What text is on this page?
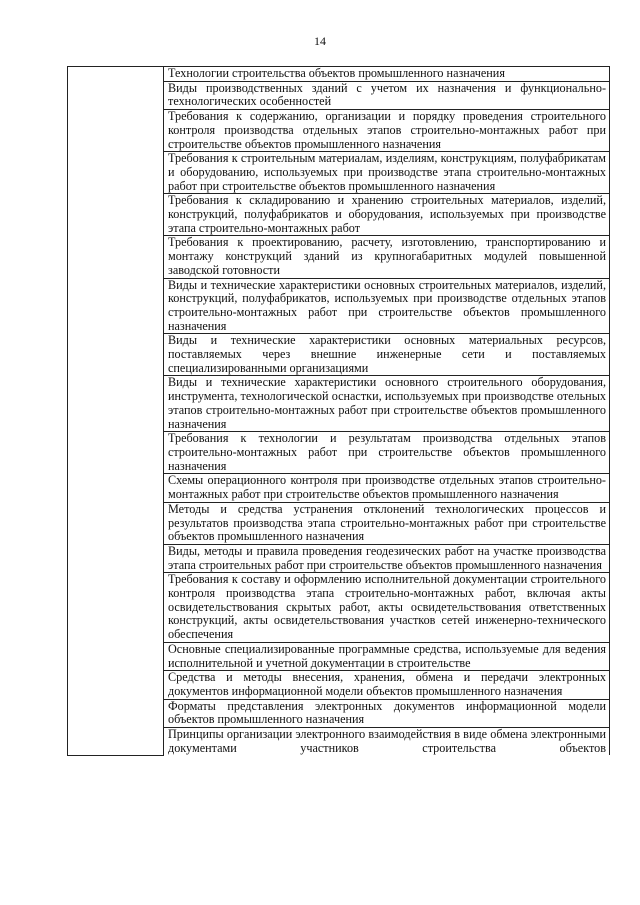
14

Технологии строительства объектов промышленного назначения

Виды производственных зданий с учетом их назначения и функционально-технологических особенностей

Требования к содержанию, организации и порядку проведения строительного контроля производства отдельных этапов строительно-монтажных работ при строительстве объектов промышленного назначения

Требования к строительным материалам, изделиям, конструкциям, полуфабрикатам и оборудованию, используемых при производстве этапа строительно-монтажных работ при строительстве объектов промышленного назначения

Требования к складированию и хранению строительных материалов, изделий, конструкций, полуфабрикатов и оборудования, используемых при производстве этапа строительно-монтажных работ

Требования к проектированию, расчету, изготовлению, транспортированию и монтажу конструкций зданий из крупногабаритных модулей повышенной заводской готовности

Виды и технические характеристики основных строительных материалов, изделий, конструкций, полуфабрикатов, используемых при производстве отдельных этапов строительно-монтажных работ при строительстве объектов промышленного назначения

Виды и технические характеристики основных материальных ресурсов, поставляемых через внешние инженерные сети и поставляемых специализированными организациями

Виды и технические характеристики основного строительного оборудования, инструмента, технологической оснастки, используемых при производстве отельных этапов строительно-монтажных работ при строительстве объектов промышленного назначения

Требования к технологии и результатам производства отдельных этапов строительно-монтажных работ при строительстве объектов промышленного назначения

Схемы операционного контроля при производстве отдельных этапов строительно-монтажных работ при строительстве объектов промышленного назначения

Методы и средства устранения отклонений технологических процессов и результатов производства этапа строительно-монтажных работ при строительстве объектов промышленного назначения

Виды, методы и правила проведения геодезических работ на участке производства этапа строительных работ при строительстве объектов промышленного назначения

Требования к составу и оформлению исполнительной документации строительного контроля производства этапа строительно-монтажных работ, включая акты освидетельствования скрытых работ, акты освидетельствования ответственных конструкций, акты освидетельствования участков сетей инженерно-технического обеспечения

Основные специализированные программные средства, используемые для ведения исполнительной и учетной документации в строительстве

Средства и методы внесения, хранения, обмена и передачи электронных документов информационной модели объектов промышленного назначения

Форматы представления электронных документов информационной модели объектов промышленного назначения

Принципы организации электронного взаимодействия в виде обмена электронными документами участников строительства объектов
